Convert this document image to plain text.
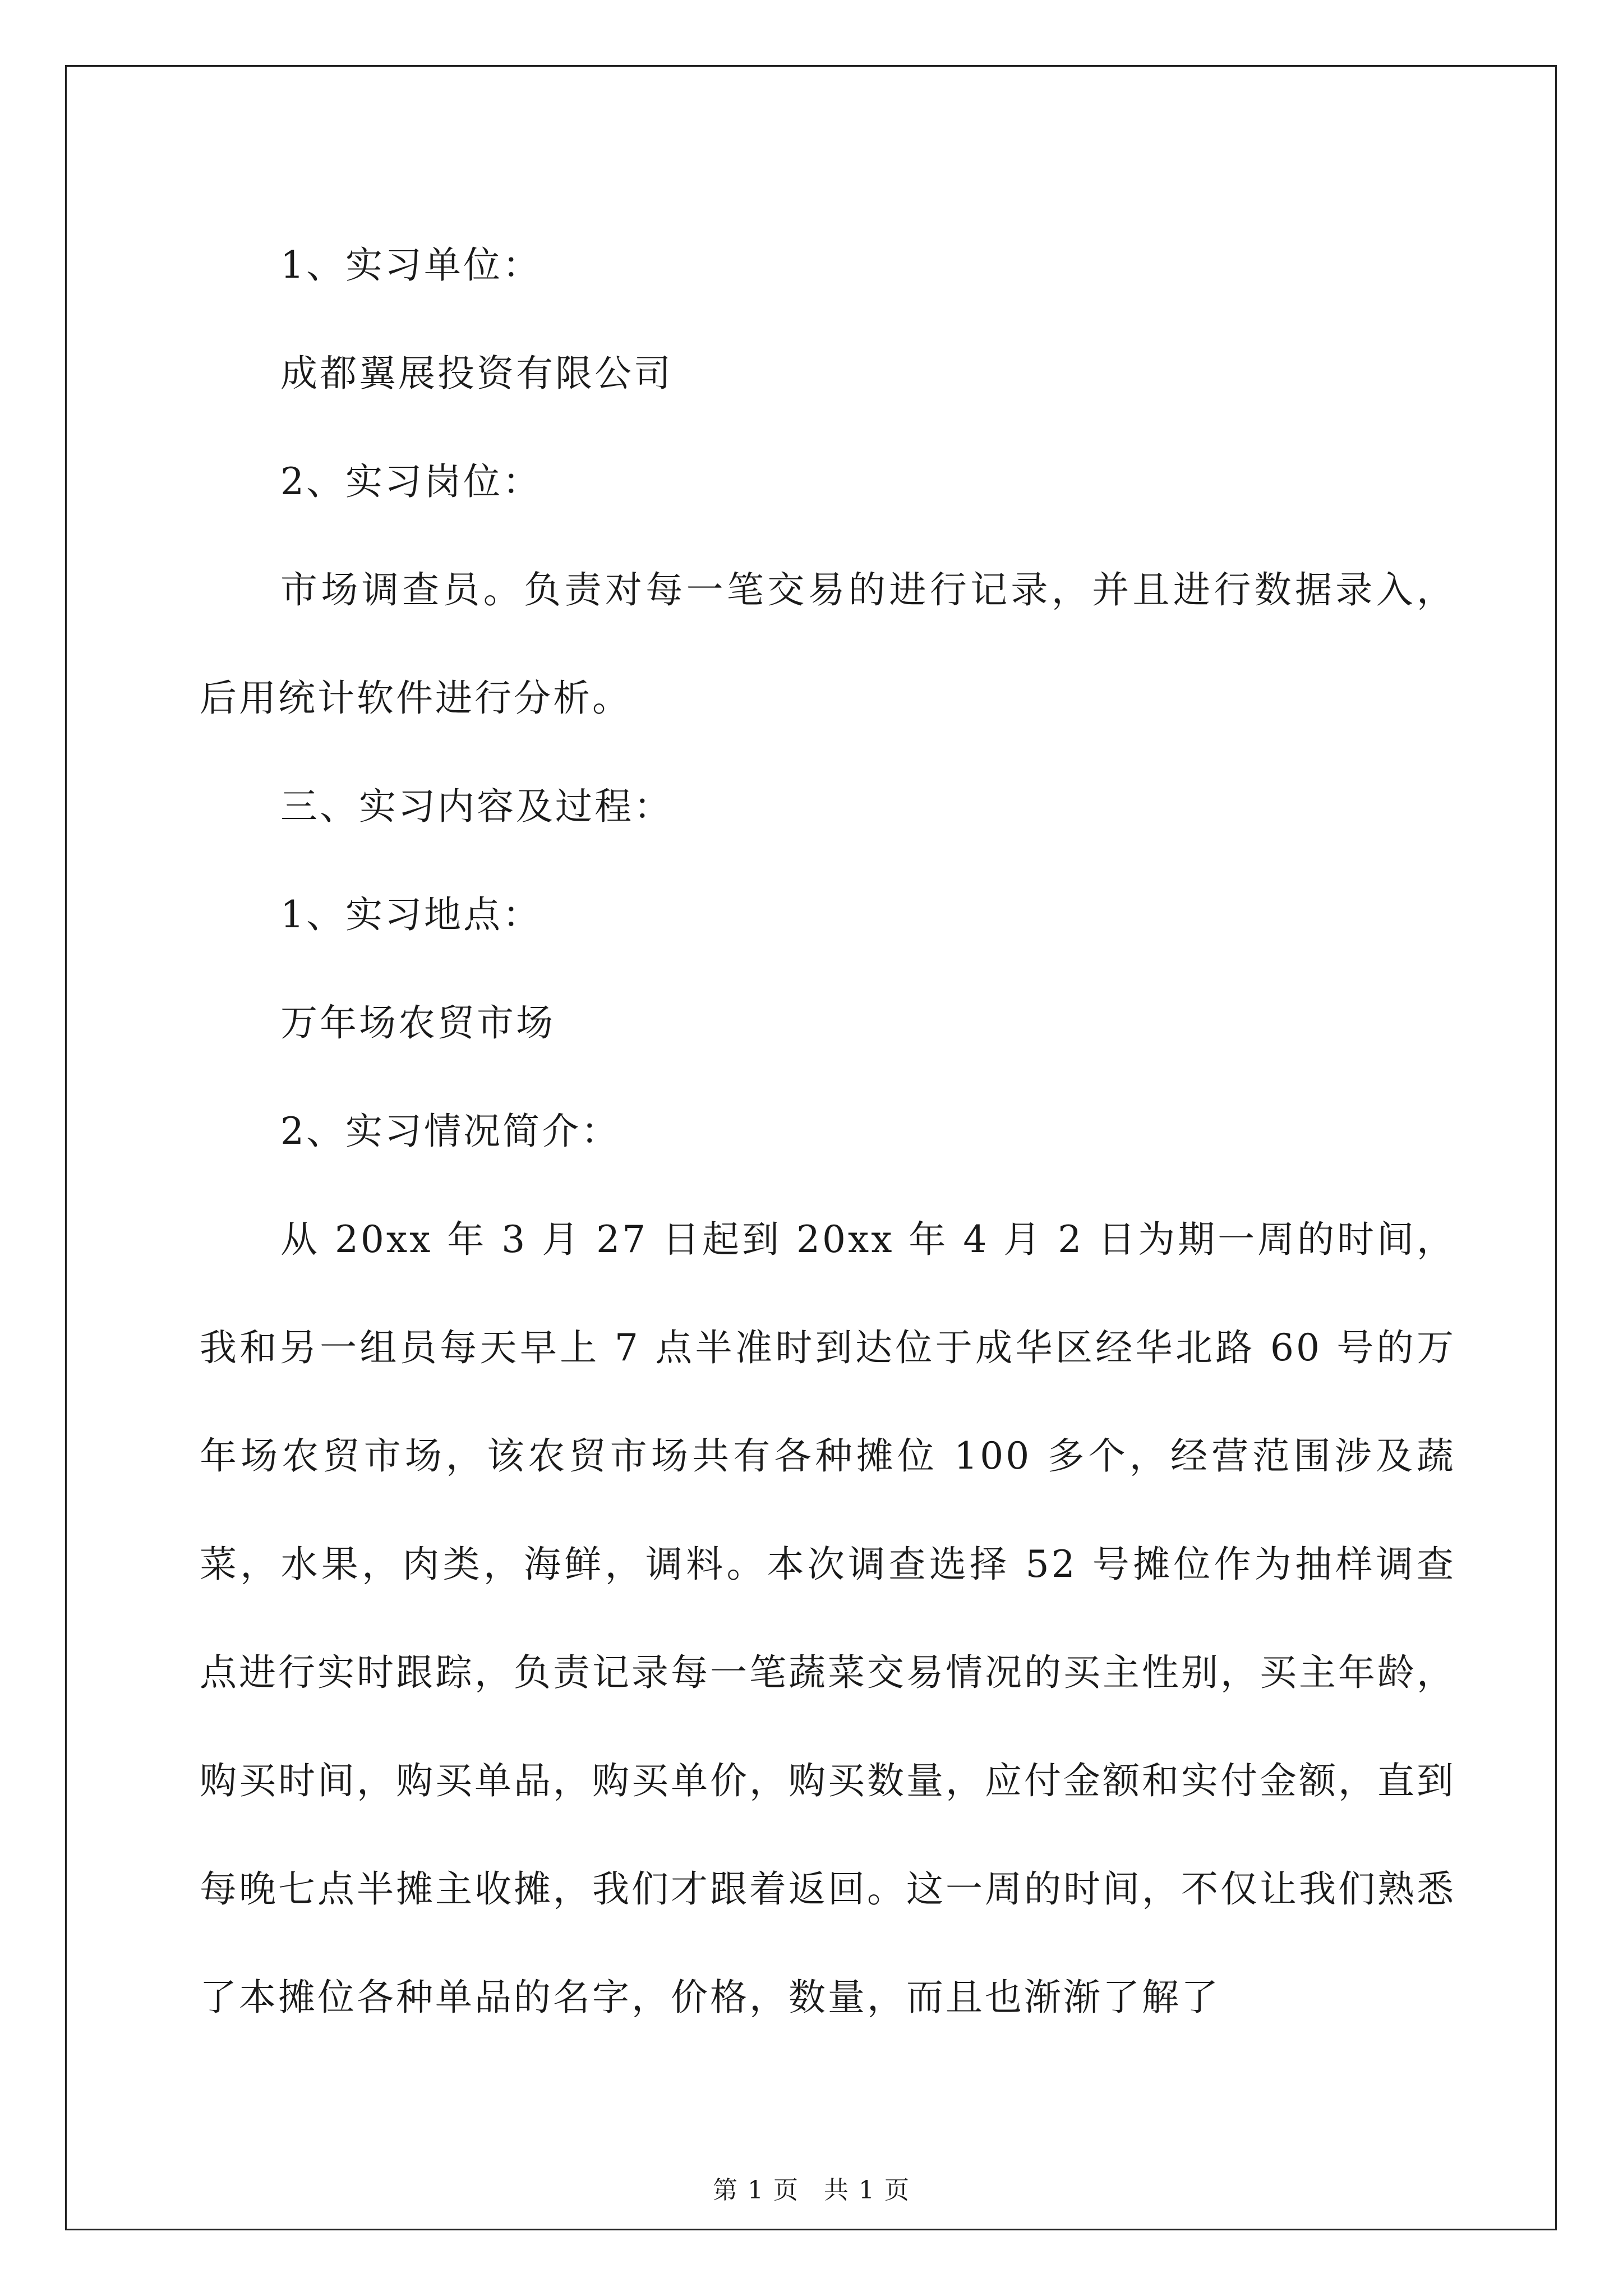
1、实习单位：

成都翼展投资有限公司

2、实习岗位：

市场调查员。负责对每一笔交易的进行记录，并且进行数据录入，后用统计软件进行分析。

三、实习内容及过程：

1、实习地点：

万年场农贸市场

2、实习情况简介：

从 20xx 年 3 月 27 日起到 20xx 年 4 月 2 日为期一周的时间，我和另一组员每天早上 7 点半准时到达位于成华区经华北路 60 号的万年场农贸市场，该农贸市场共有各种摊位 100 多个，经营范围涉及蔬菜，水果，肉类，海鲜，调料。本次调查选择 52 号摊位作为抽样调查点进行实时跟踪，负责记录每一笔蔬菜交易情况的买主性别，买主年龄，购买时间，购买单品，购买单价，购买数量，应付金额和实付金额，直到每晚七点半摊主收摊，我们才跟着返回。这一周的时间，不仅让我们熟悉了本摊位各种单品的名字，价格，数量，而且也渐渐了解了

第 1 页 共 1 页
